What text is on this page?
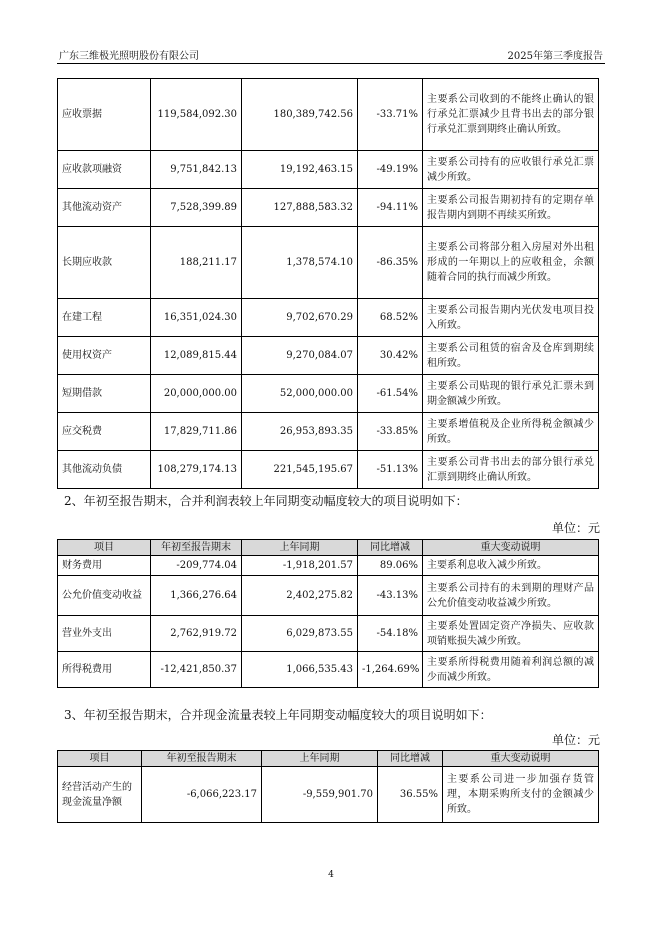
广东三维极光照明股份有限公司	2025年第三季度报告
应收票据	119,584,092.30	180,389,742.56	-33.71%	主要系公司收到的不能终止确认的银行承兑汇票减少且背书出去的部分银行承兑汇票到期终止确认所致。
应收款项融资	9,751,842.13	19,192,463.15	-49.19%	主要系公司持有的应收银行承兑汇票减少所致。
其他流动资产	7,528,399.89	127,888,583.32	-94.11%	主要系公司报告期初持有的定期存单报告期内到期不再续买所致。
长期应收款	188,211.17	1,378,574.10	-86.35%	主要系公司将部分租入房屋对外出租形成的一年期以上的应收租金，余额随着合同的执行而减少所致。
在建工程	16,351,024.30	9,702,670.29	68.52%	主要系公司报告期内光伏发电项目投入所致。
使用权资产	12,089,815.44	9,270,084.07	30.42%	主要系公司租赁的宿舍及仓库到期续租所致。
短期借款	20,000,000.00	52,000,000.00	-61.54%	主要系公司贴现的银行承兑汇票未到期金额减少所致。
应交税费	17,829,711.86	26,953,893.35	-33.85%	主要系增值税及企业所得税金额减少所致。
其他流动负债	108,279,174.13	221,545,195.67	-51.13%	主要系公司背书出去的部分银行承兑汇票到期终止确认所致。
2、年初至报告期末，合并利润表较上年同期变动幅度较大的项目说明如下：
单位：元
项目	年初至报告期末	上年同期	同比增减	重大变动说明
财务费用	-209,774.04	-1,918,201.57	89.06%	主要系利息收入减少所致。
公允价值变动收益	1,366,276.64	2,402,275.82	-43.13%	主要系公司持有的未到期的理财产品公允价值变动收益减少所致。
营业外支出	2,762,919.72	6,029,873.55	-54.18%	主要系处置固定资产净损失、应收款项销账损失减少所致。
所得税费用	-12,421,850.37	1,066,535.43	-1,264.69%	主要系所得税费用随着利润总额的减少而减少所致。
3、年初至报告期末，合并现金流量表较上年同期变动幅度较大的项目说明如下：
单位：元
项目	年初至报告期末	上年同期	同比增减	重大变动说明
经营活动产生的现金流量净额	-6,066,223.17	-9,559,901.70	36.55%	主要系公司进一步加强存货管理，本期采购所支付的金额减少所致。
4
